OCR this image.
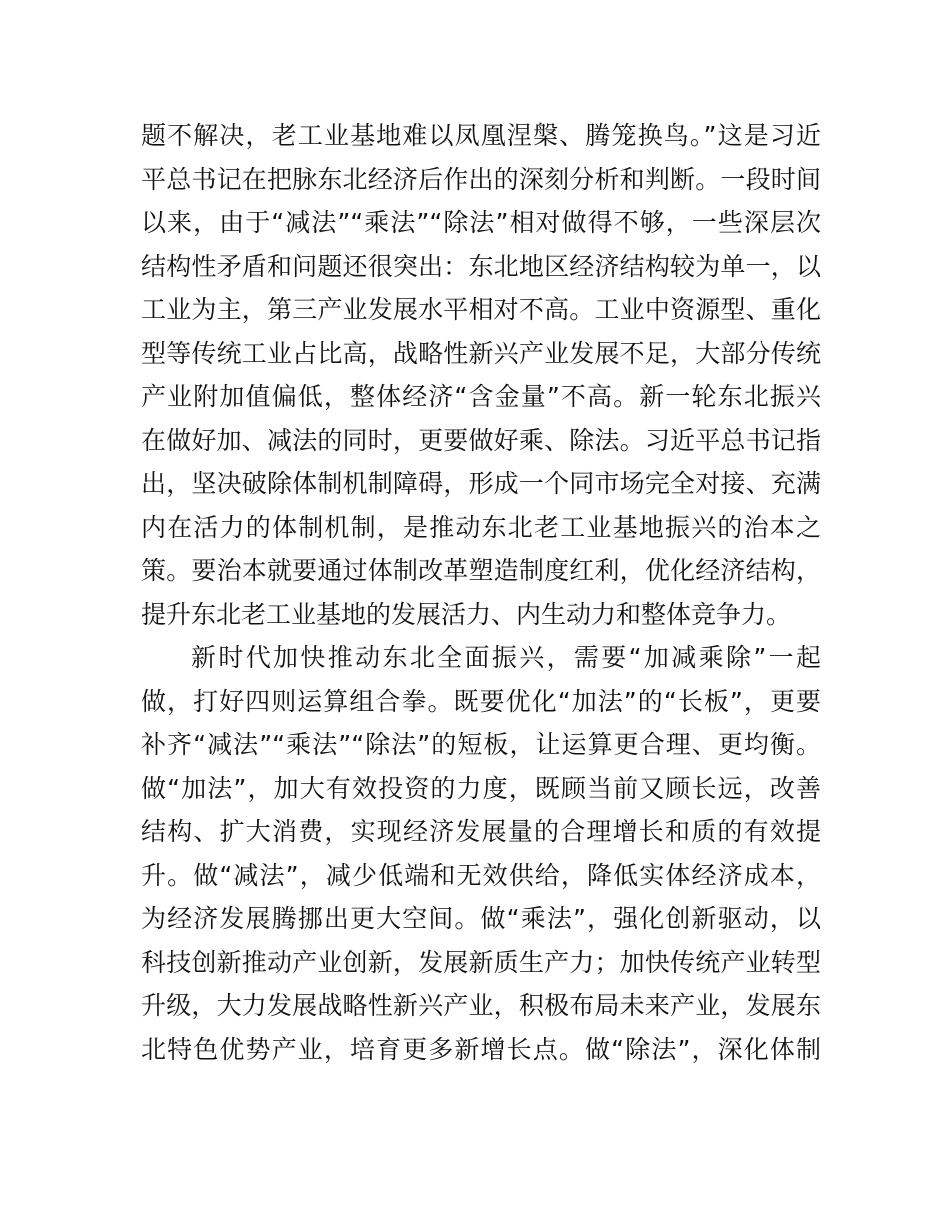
题不解决，老工业基地难以凤凰涅槃、腾笼换鸟。”这是习近
平总书记在把脉东北经济后作出的深刻分析和判断。一段时间
以来，由于“减法”“乘法”“除法”相对做得不够，一些深层次
结构性矛盾和问题还很突出：东北地区经济结构较为单一，以
工业为主，第三产业发展水平相对不高。工业中资源型、重化
型等传统工业占比高，战略性新兴产业发展不足，大部分传统
产业附加值偏低，整体经济“含金量”不高。新一轮东北振兴
在做好加、减法的同时，更要做好乘、除法。习近平总书记指
出，坚决破除体制机制障碍，形成一个同市场完全对接、充满
内在活力的体制机制，是推动东北老工业基地振兴的治本之
策。要治本就要通过体制改革塑造制度红利，优化经济结构，
提升东北老工业基地的发展活力、内生动力和整体竞争力。
新时代加快推动东北全面振兴，需要“加减乘除”一起
做，打好四则运算组合拳。既要优化“加法”的“长板”，更要
补齐“减法”“乘法”“除法”的短板，让运算更合理、更均衡。
做“加法”，加大有效投资的力度，既顾当前又顾长远，改善
结构、扩大消费，实现经济发展量的合理增长和质的有效提
升。做“减法”，减少低端和无效供给，降低实体经济成本，
为经济发展腾挪出更大空间。做“乘法”，强化创新驱动，以
科技创新推动产业创新，发展新质生产力；加快传统产业转型
升级，大力发展战略性新兴产业，积极布局未来产业，发展东
北特色优势产业，培育更多新增长点。做“除法”，深化体制
